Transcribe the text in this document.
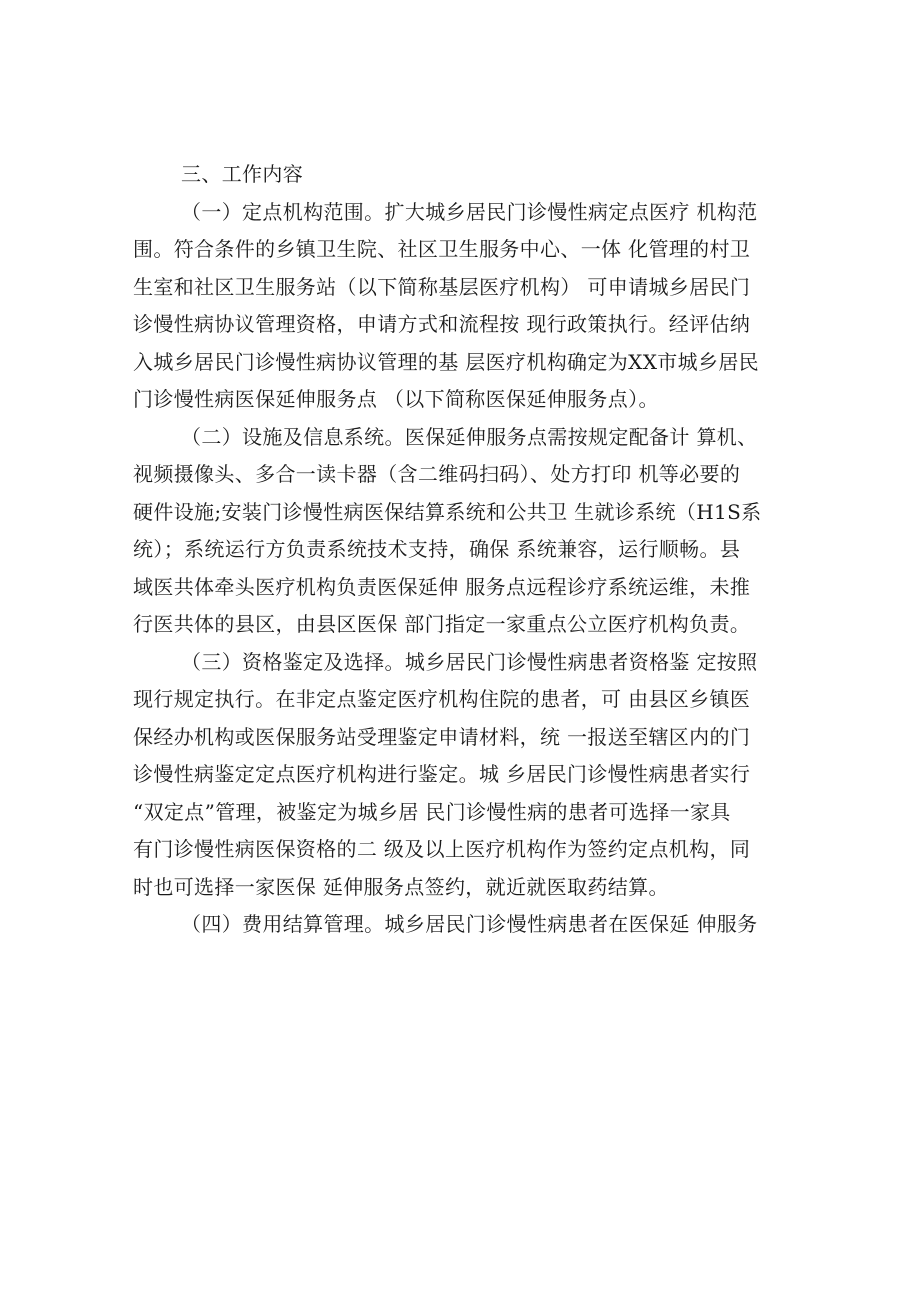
三、工作内容
（一）定点机构范围。扩大城乡居民门诊慢性病定点医疗 机构范
围。符合条件的乡镇卫生院、社区卫生服务中心、一体 化管理的村卫
生室和社区卫生服务站（以下简称基层医疗机构） 可申请城乡居民门
诊慢性病协议管理资格，申请方式和流程按 现行政策执行。经评估纳
入城乡居民门诊慢性病协议管理的基 层医疗机构确定为XX市城乡居民
门诊慢性病医保延伸服务点 （以下简称医保延伸服务点）。
（二）设施及信息系统。医保延伸服务点需按规定配备计 算机、
视频摄像头、多合一读卡器（含二维码扫码）、处方打印 机等必要的
硬件设施;安装门诊慢性病医保结算系统和公共卫 生就诊系统（H1S系
统）；系统运行方负责系统技术支持，确保 系统兼容，运行顺畅。县
域医共体牵头医疗机构负责医保延伸 服务点远程诊疗系统运维，未推
行医共体的县区，由县区医保 部门指定一家重点公立医疗机构负责。
（三）资格鉴定及选择。城乡居民门诊慢性病患者资格鉴 定按照
现行规定执行。在非定点鉴定医疗机构住院的患者，可 由县区乡镇医
保经办机构或医保服务站受理鉴定申请材料，统 一报送至辖区内的门
诊慢性病鉴定定点医疗机构进行鉴定。城 乡居民门诊慢性病患者实行
“双定点”管理，被鉴定为城乡居 民门诊慢性病的患者可选择一家具
有门诊慢性病医保资格的二 级及以上医疗机构作为签约定点机构，同
时也可选择一家医保 延伸服务点签约，就近就医取药结算。
（四）费用结算管理。城乡居民门诊慢性病患者在医保延 伸服务
